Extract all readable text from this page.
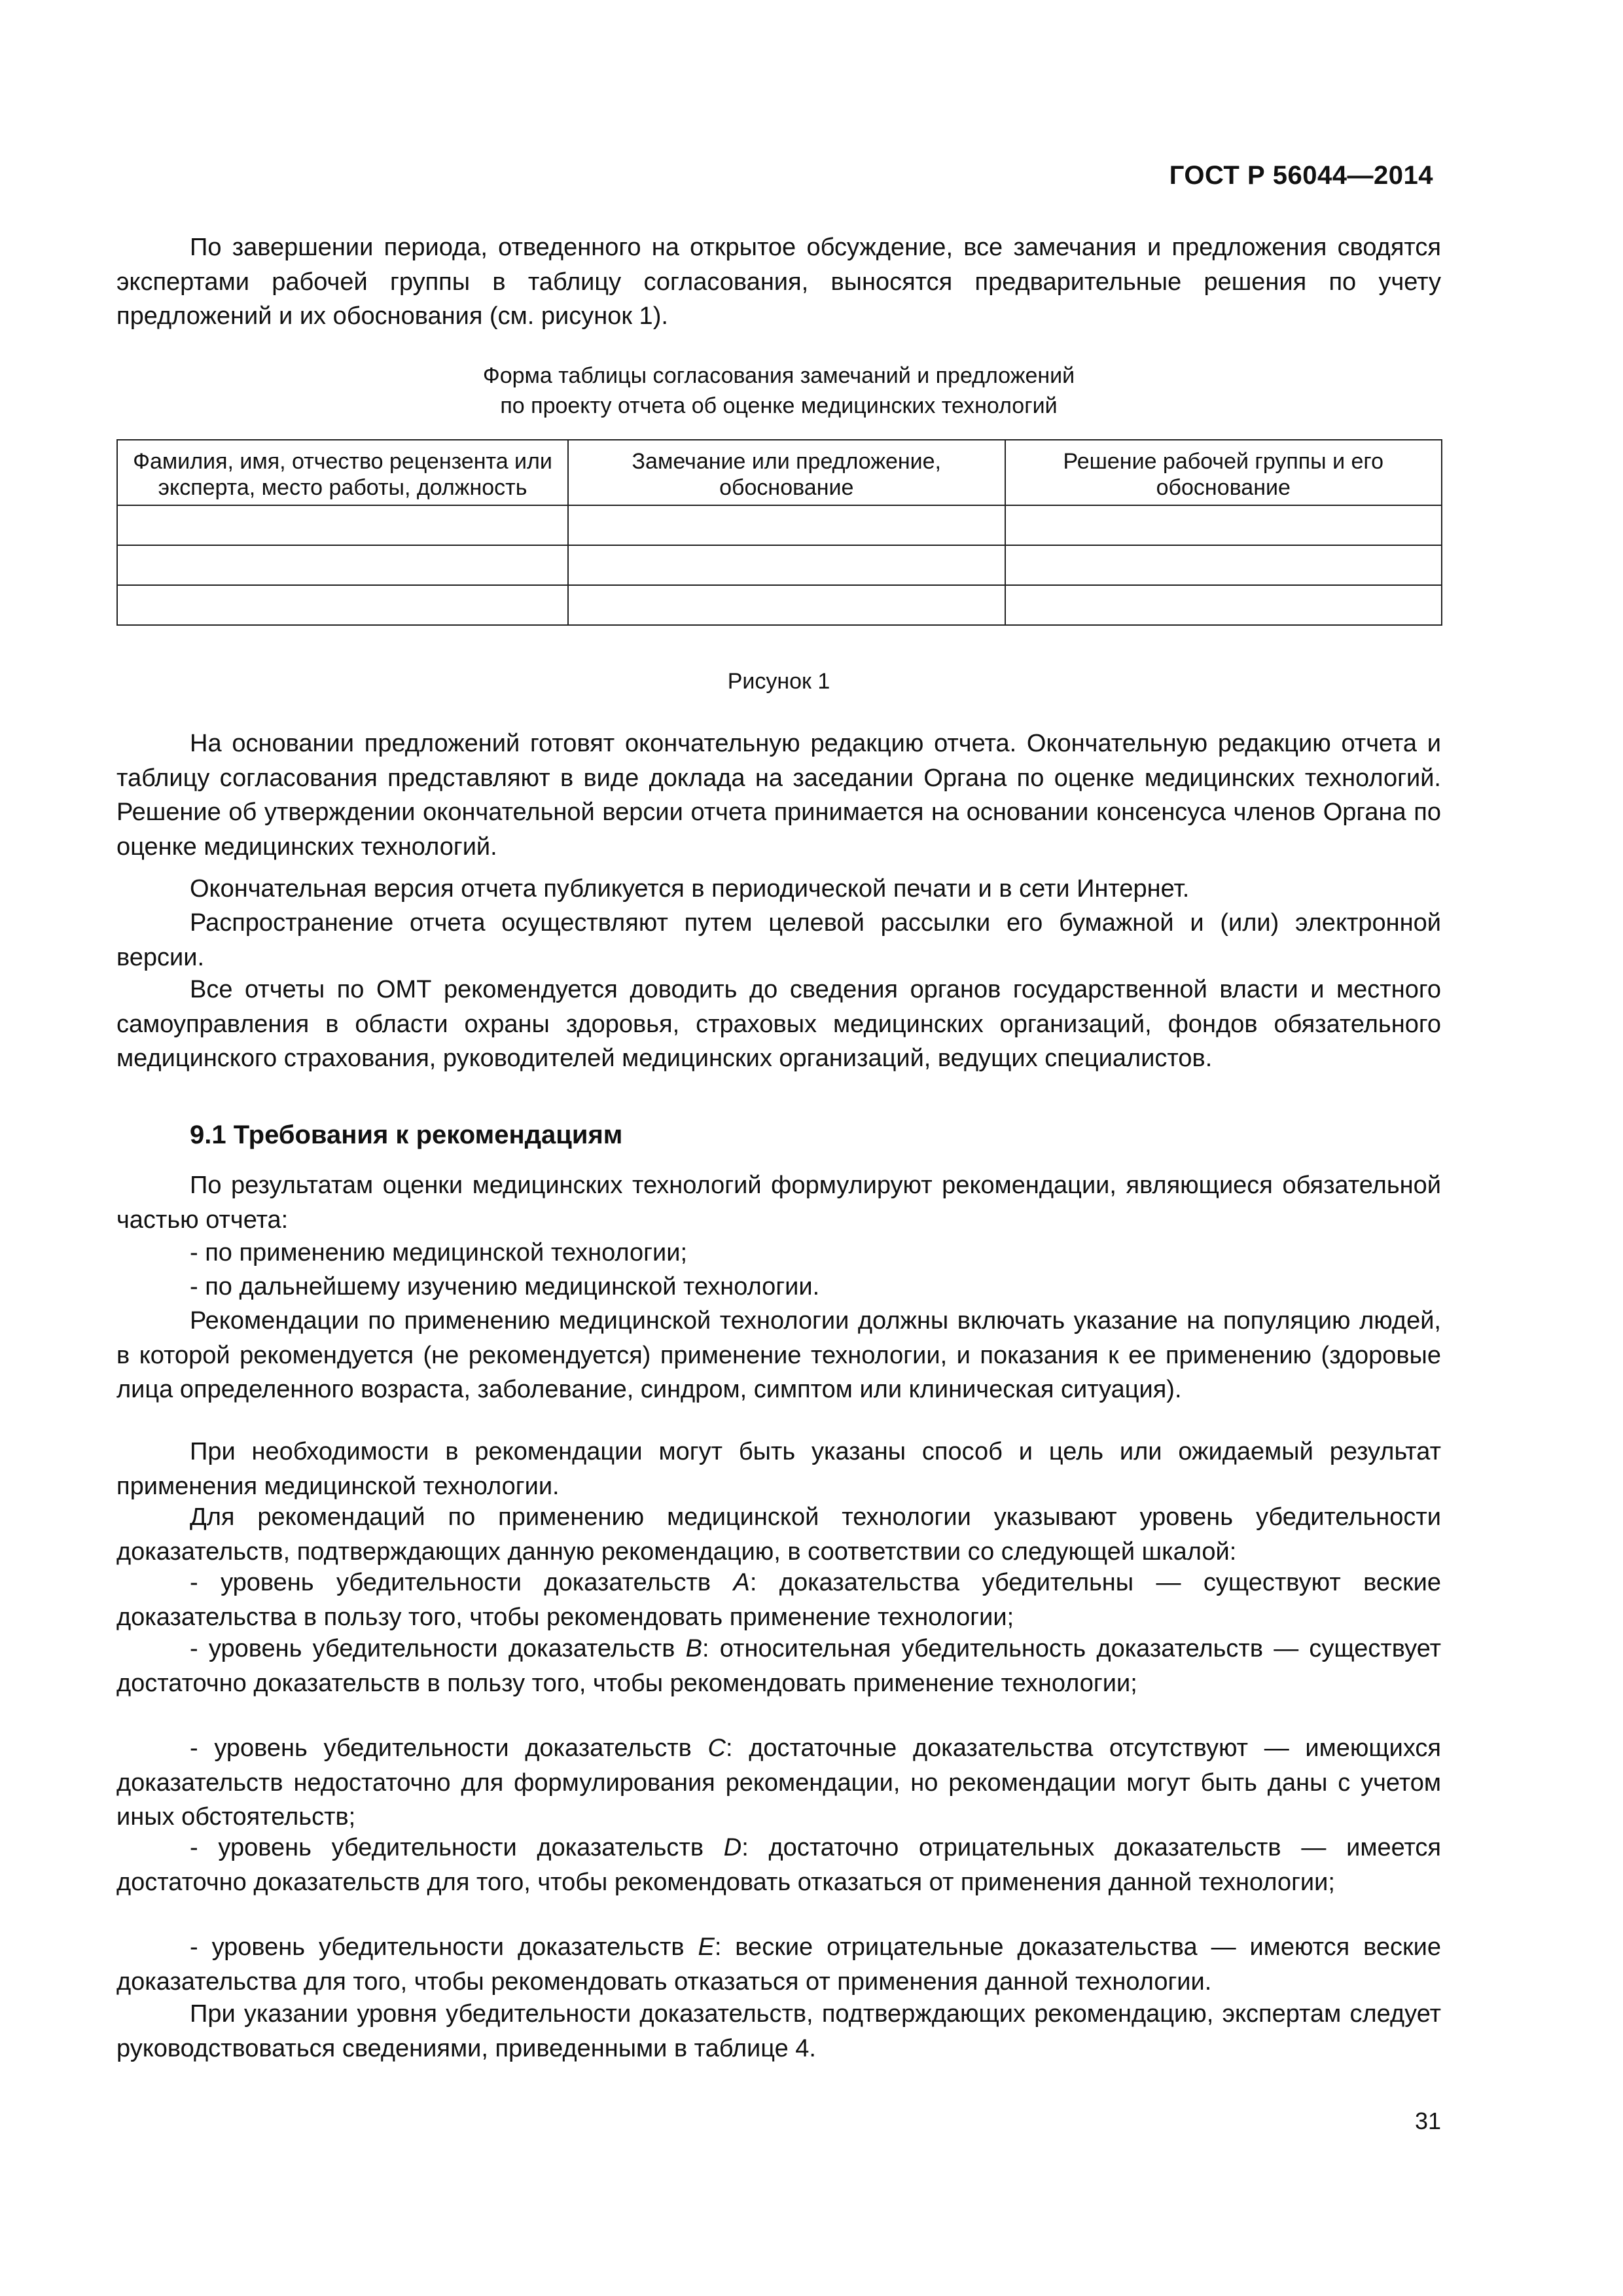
ГОСТ Р 56044—2014

По завершении периода, отведенного на открытое обсуждение, все замечания и предложения сводятся экспертами рабочей группы в таблицу согласования, выносятся предварительные решения по учету предложений и их обоснования (см. рисунок 1).

Форма таблицы согласования замечаний и предложений
по проекту отчета об оценке медицинских технологий
Фамилия, имя, отчество рецензента или эксперта, место работы, должность	Замечание или предложение, обоснование	Решение рабочей группы и его обоснование

Рисунок 1

На основании предложений готовят окончательную редакцию отчета. Окончательную редакцию отчета и таблицу согласования представляют в виде доклада на заседании Органа по оценке медицинских технологий. Решение об утверждении окончательной версии отчета принимается на основании консенсуса членов Органа по оценке медицинских технологий.

Окончательная версия отчета публикуется в периодической печати и в сети Интернет.

Распространение отчета осуществляют путем целевой рассылки его бумажной и (или) электронной версии.

Все отчеты по ОМТ рекомендуется доводить до сведения органов государственной власти и местного самоуправления в области охраны здоровья, страховых медицинских организаций, фондов обязательного медицинского страхования, руководителей медицинских организаций, ведущих специалистов.

9.1 Требования к рекомендациям

По результатам оценки медицинских технологий формулируют рекомендации, являющиеся обязательной частью отчета:

- по применению медицинской технологии;

- по дальнейшему изучению медицинской технологии.

Рекомендации по применению медицинской технологии должны включать указание на популяцию людей, в которой рекомендуется (не рекомендуется) применение технологии, и показания к ее применению (здоровые лица определенного возраста, заболевание, синдром, симптом или клиническая ситуация).

При необходимости в рекомендации могут быть указаны способ и цель или ожидаемый результат применения медицинской технологии.

Для рекомендаций по применению медицинской технологии указывают уровень убедительности доказательств, подтверждающих данную рекомендацию, в соответствии со следующей шкалой:

- уровень убедительности доказательств A: доказательства убедительны — существуют веские доказательства в пользу того, чтобы рекомендовать применение технологии;

- уровень убедительности доказательств B: относительная убедительность доказательств — существует достаточно доказательств в пользу того, чтобы рекомендовать применение технологии;

- уровень убедительности доказательств C: достаточные доказательства отсутствуют — имеющихся доказательств недостаточно для формулирования рекомендации, но рекомендации могут быть даны с учетом иных обстоятельств;

- уровень убедительности доказательств D: достаточно отрицательных доказательств — имеется достаточно доказательств для того, чтобы рекомендовать отказаться от применения данной технологии;

- уровень убедительности доказательств E: веские отрицательные доказательства — имеются веские доказательства для того, чтобы рекомендовать отказаться от применения данной технологии.

При указании уровня убедительности доказательств, подтверждающих рекомендацию, экспертам следует руководствоваться сведениями, приведенными в таблице 4.

31
